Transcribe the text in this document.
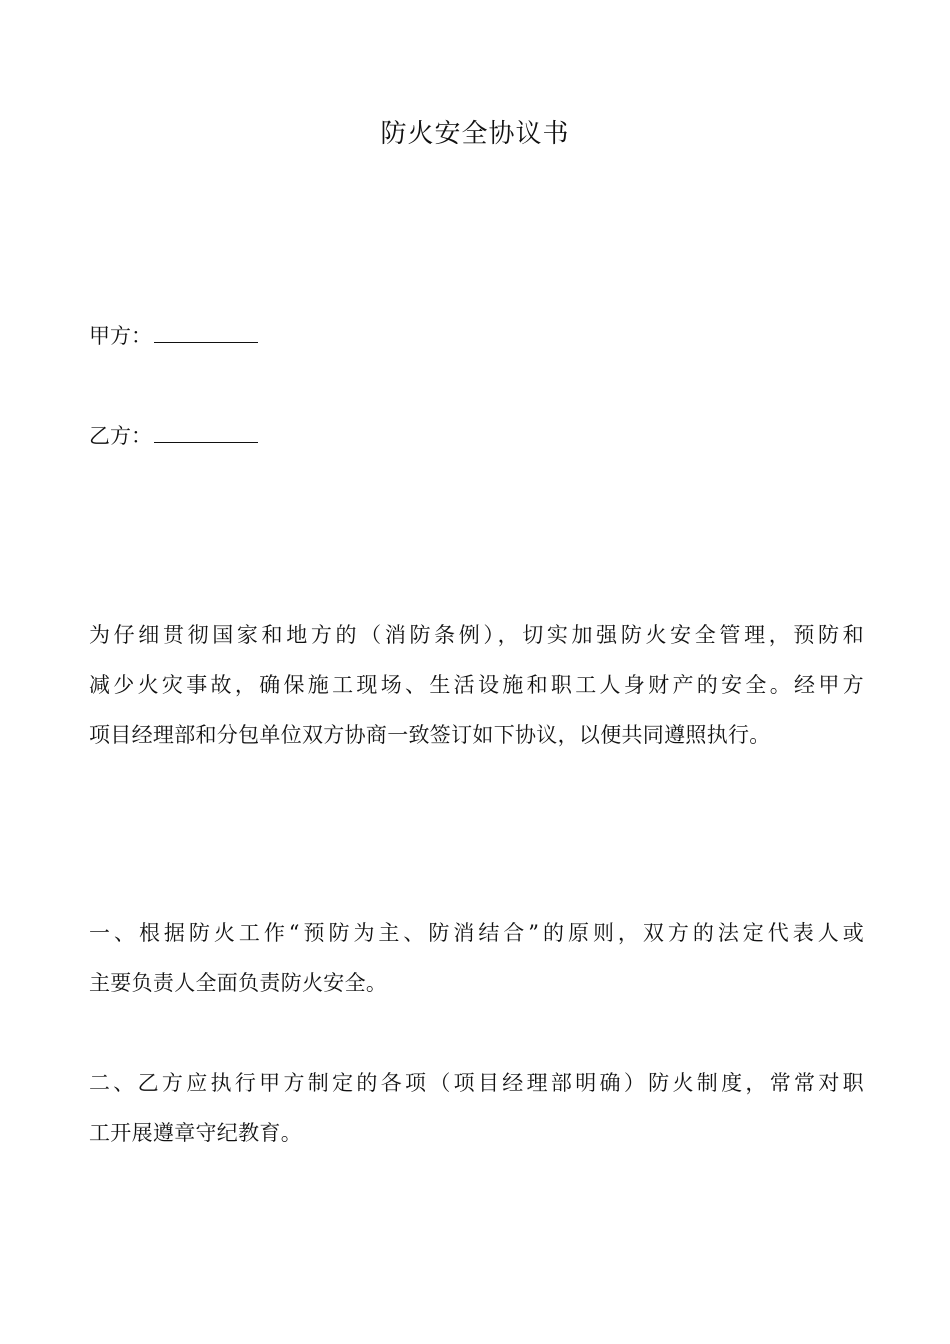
防火安全协议书
甲方：
乙方：
为仔细贯彻国家和地方的（消防条例），切实加强防火安全管理，预防和
减少火灾事故，确保施工现场、生活设施和职工人身财产的安全。经甲方
项目经理部和分包单位双方协商一致签订如下协议，以便共同遵照执行。
一、根据防火工作“预防为主、防消结合”的原则，双方的法定代表人或
主要负责人全面负责防火安全。
二、乙方应执行甲方制定的各项（项目经理部明确）防火制度，常常对职
工开展遵章守纪教育。
